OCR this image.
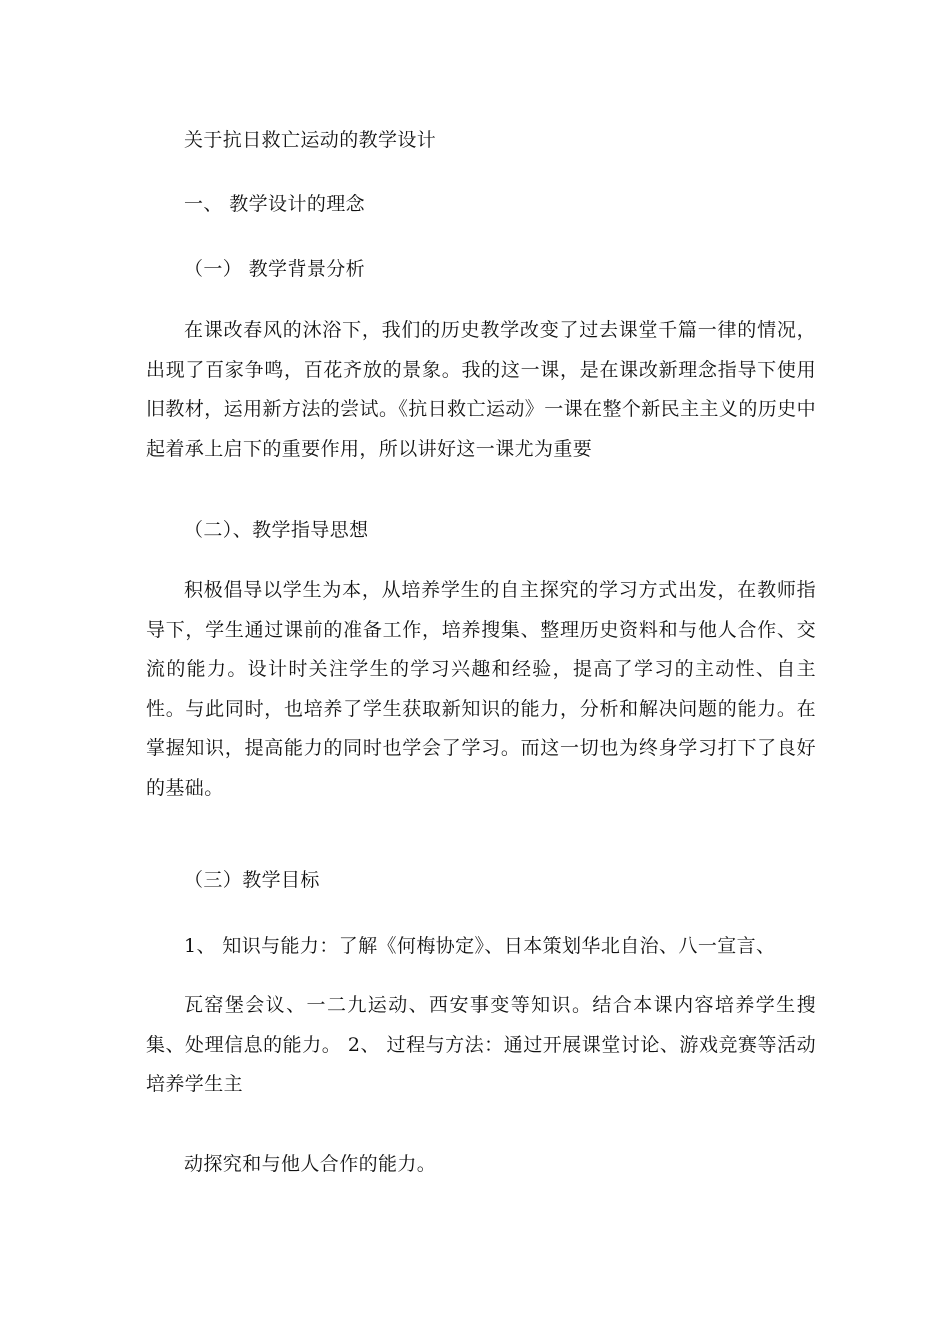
关于抗日救亡运动的教学设计
一、 教学设计的理念
（一） 教学背景分析
在课改春风的沐浴下，我们的历史教学改变了过去课堂千篇一律的情况，出现了百家争鸣，百花齐放的景象。我的这一课，是在课改新理念指导下使用旧教材，运用新方法的尝试。《抗日救亡运动》一课在整个新民主主义的历史中起着承上启下的重要作用，所以讲好这一课尤为重要
（二）、教学指导思想
积极倡导以学生为本，从培养学生的自主探究的学习方式出发，在教师指导下，学生通过课前的准备工作，培养搜集、整理历史资料和与他人合作、交流的能力。设计时关注学生的学习兴趣和经验，提高了学习的主动性、自主性。与此同时，也培养了学生获取新知识的能力，分析和解决问题的能力。在掌握知识，提高能力的同时也学会了学习。而这一切也为终身学习打下了良好的基础。
（三）教学目标
1、 知识与能力：了解《何梅协定》、日本策划华北自治、八一宣言、
瓦窑堡会议、一二九运动、西安事变等知识。结合本课内容培养学生搜集、处理信息的能力。 2、 过程与方法：通过开展课堂讨论、游戏竞赛等活动培养学生主
动探究和与他人合作的能力。
